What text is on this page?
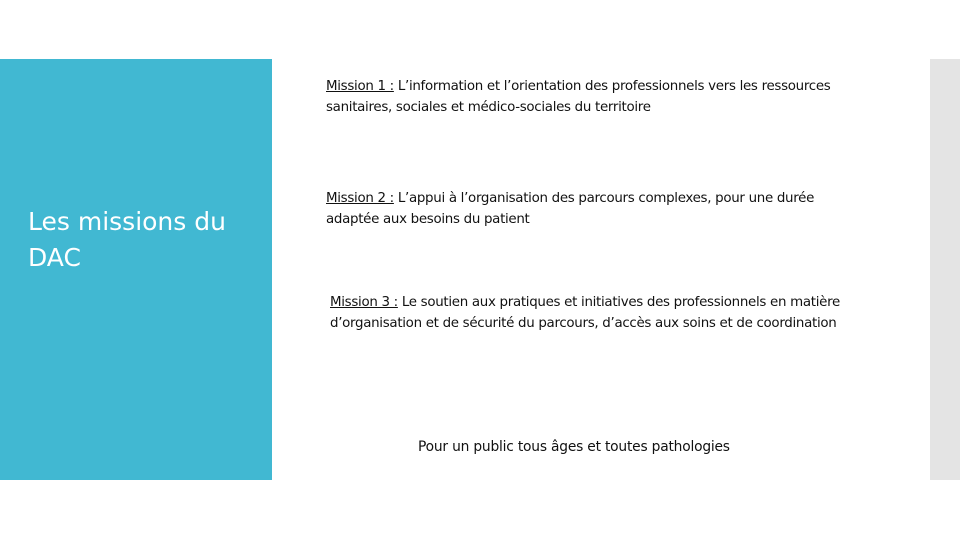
Les missions du DAC

Mission 1 : L’information et l’orientation des professionnels vers les ressources sanitaires, sociales et médico-sociales du territoire

Mission 2 : L’appui à l’organisation des parcours complexes, pour une durée adaptée aux besoins du patient

Mission 3 : Le soutien aux pratiques et initiatives des professionnels en matière d’organisation et de sécurité du parcours, d’accès aux soins et de coordination

Pour un public tous âges et toutes pathologies
